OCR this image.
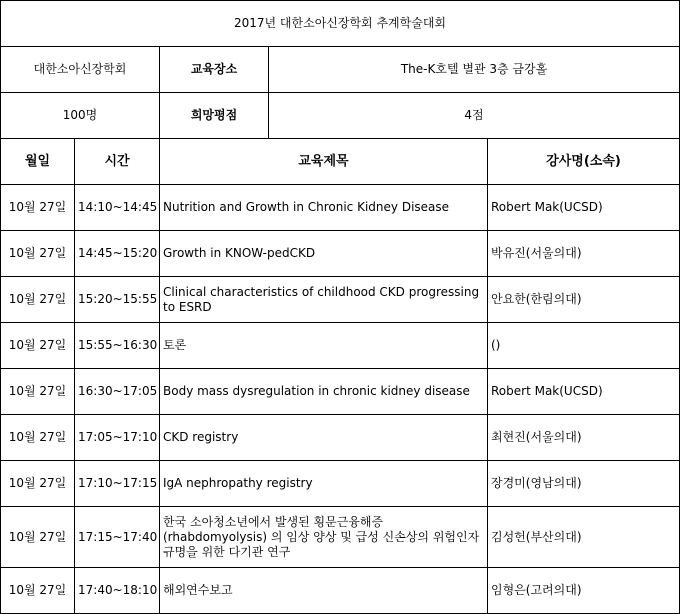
2017년 대한소아신장학회 추계학술대회				
대한소아신장학회		교육장소	The-K호텔 별관 3층 금강홀	
100명		희망평점	4점	
월일	시간	교육제목		강사명(소속)
10월 27일	14:10~14:45	Nutrition and Growth in Chronic Kidney Disease		Robert Mak(UCSD)
10월 27일	14:45~15:20	Growth in KNOW-pedCKD		박유진(서울의대)
10월 27일	15:20~15:55	Clinical characteristics of childhood CKD progressing to ESRD		안요한(한림의대)
10월 27일	15:55~16:30	토론		()
10월 27일	16:30~17:05	Body mass dysregulation in chronic kidney disease		Robert Mak(UCSD)
10월 27일	17:05~17:10	CKD registry		최현진(서울의대)
10월 27일	17:10~17:15	IgA nephropathy registry		장경미(영남의대)
10월 27일	17:15~17:40	한국 소아청소년에서 발생된 횡문근융해증 (rhabdomyolysis) 의 임상 양상 및 급성 신손상의 위험인자 규명을 위한 다기관 연구		김성헌(부산의대)
10월 27일	17:40~18:10	해외연수보고		임형은(고려의대)
